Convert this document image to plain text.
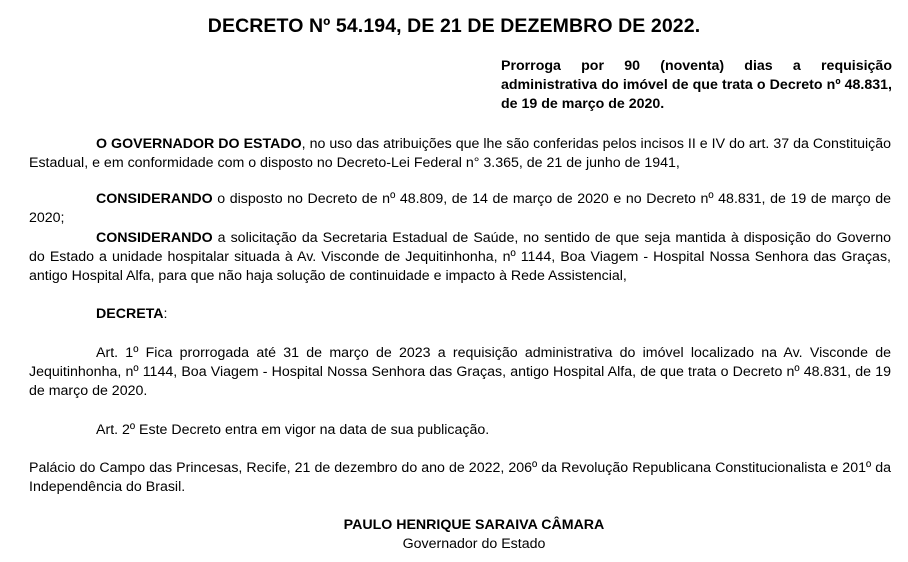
DECRETO Nº 54.194, DE 21 DE DEZEMBRO DE 2022.
Prorroga por 90 (noventa) dias a requisição administrativa do imóvel de que trata o Decreto nº 48.831, de 19 de março de 2020.
O GOVERNADOR DO ESTADO, no uso das atribuições que lhe são conferidas pelos incisos II e IV do art. 37 da Constituição Estadual, e em conformidade com o disposto no Decreto-Lei Federal n° 3.365, de 21 de junho de 1941,
CONSIDERANDO o disposto no Decreto de nº 48.809, de 14 de março de 2020 e no Decreto nº 48.831, de 19 de março de 2020;
CONSIDERANDO a solicitação da Secretaria Estadual de Saúde, no sentido de que seja mantida à disposição do Governo do Estado a unidade hospitalar situada à Av. Visconde de Jequitinhonha, nº 1144, Boa Viagem - Hospital Nossa Senhora das Graças, antigo Hospital Alfa, para que não haja solução de continuidade e impacto à Rede Assistencial,
DECRETA:
Art. 1º Fica prorrogada até 31 de março de 2023 a requisição administrativa do imóvel localizado na Av. Visconde de Jequitinhonha, nº 1144, Boa Viagem - Hospital Nossa Senhora das Graças, antigo Hospital Alfa, de que trata o Decreto nº 48.831, de 19 de março de 2020.
Art. 2º Este Decreto entra em vigor na data de sua publicação.
Palácio do Campo das Princesas, Recife, 21 de dezembro do ano de 2022, 206º da Revolução Republicana Constitucionalista e 201º da Independência do Brasil.
PAULO HENRIQUE SARAIVA CÂMARA
Governador do Estado
